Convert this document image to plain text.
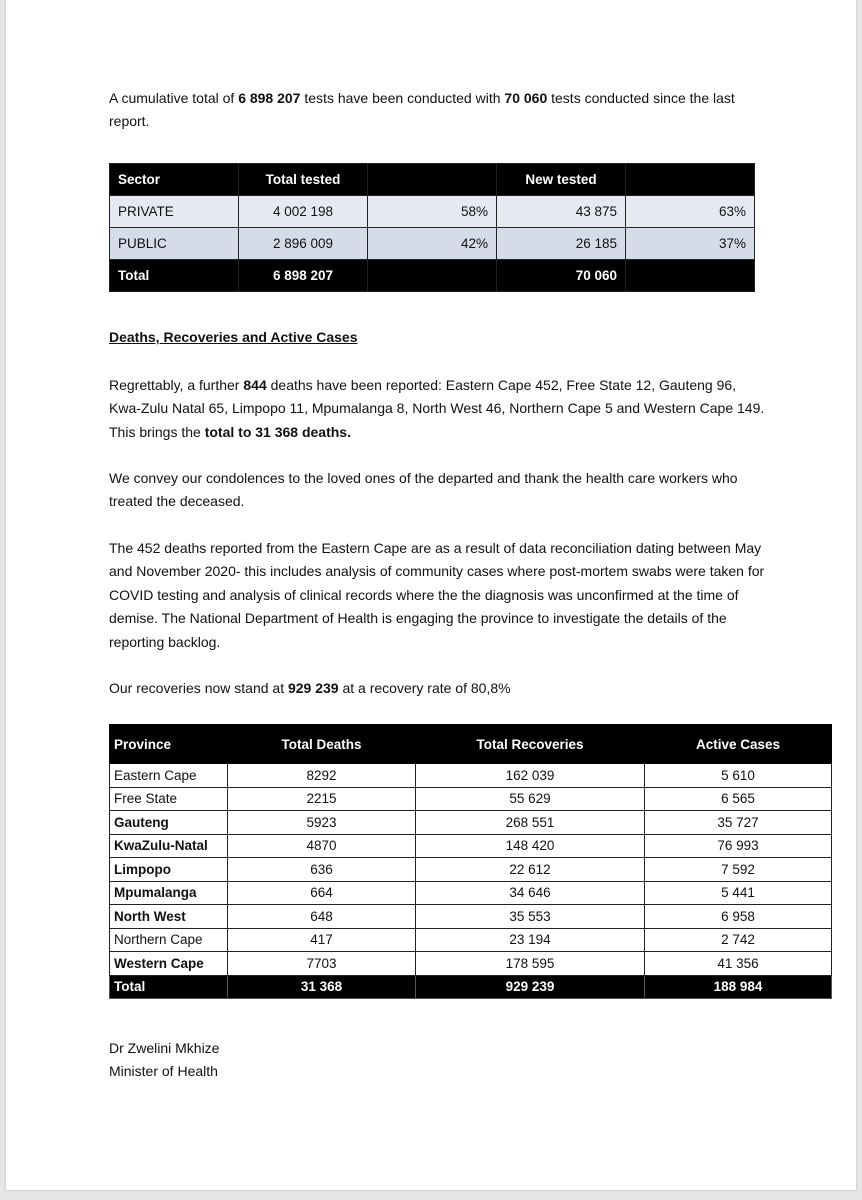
A cumulative total of 6 898 207 tests have been conducted with 70 060 tests conducted since the last report.

Sector	Total tested		New tested	
PRIVATE	4 002 198	58%	43 875	63%
PUBLIC	2 896 009	42%	26 185	37%
Total	6 898 207		70 060	

Deaths, Recoveries and Active Cases

Regrettably, a further 844 deaths have been reported: Eastern Cape 452, Free State 12, Gauteng 96, Kwa-Zulu Natal 65, Limpopo 11, Mpumalanga 8, North West 46, Northern Cape 5 and Western Cape 149. This brings the total to 31 368 deaths.

We convey our condolences to the loved ones of the departed and thank the health care workers who treated the deceased.

The 452 deaths reported from the Eastern Cape are as a result of data reconciliation dating between May and November 2020- this includes analysis of community cases where post-mortem swabs were taken for COVID testing and analysis of clinical records where the the diagnosis was unconfirmed at the time of demise. The National Department of Health is engaging the province to investigate the details of the reporting backlog.

Our recoveries now stand at 929 239 at a recovery rate of 80,8%

Province	Total Deaths	Total Recoveries	Active Cases
Eastern Cape	8292	162 039	5 610
Free State	2215	55 629	6 565
Gauteng	5923	268 551	35 727
KwaZulu-Natal	4870	148 420	76 993
Limpopo	636	22 612	7 592
Mpumalanga	664	34 646	5 441
North West	648	35 553	6 958
Northern Cape	417	23 194	2 742
Western Cape	7703	178 595	41 356
Total	31 368	929 239	188 984

Dr Zwelini Mkhize
Minister of Health
